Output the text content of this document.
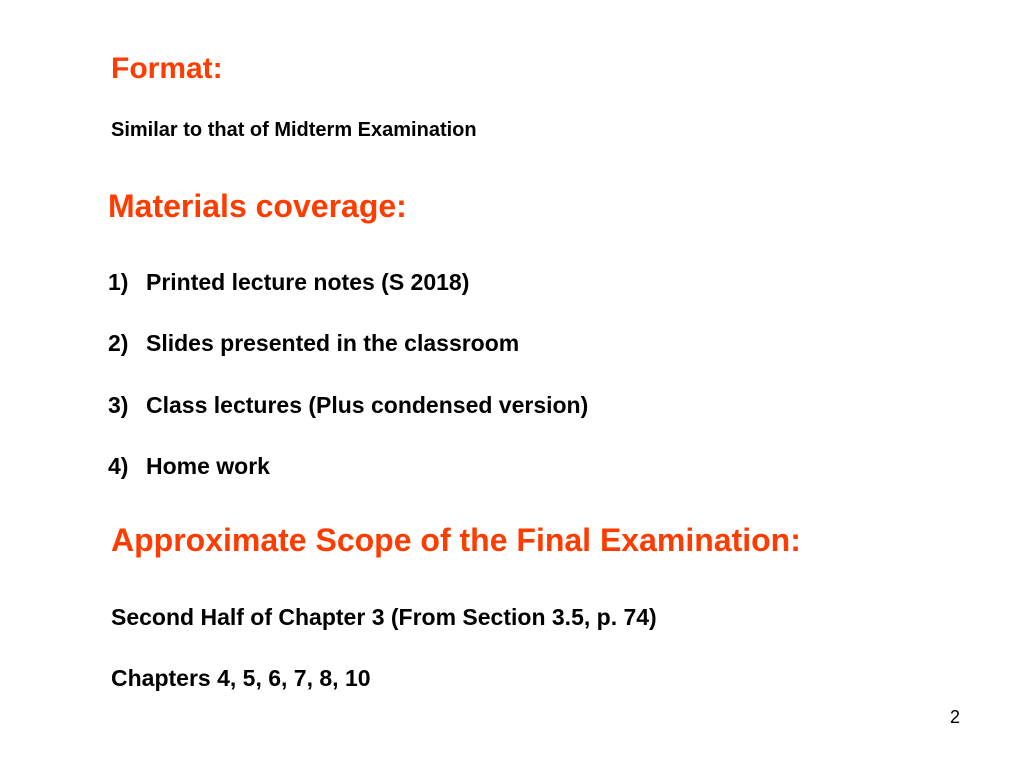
Format:

Similar to that of Midterm Examination

Materials coverage:
1) Printed lecture notes (S 2018)
2) Slides presented in the classroom
3) Class lectures (Plus condensed version)
4) Home work
Approximate Scope of the Final Examination:

Second Half of Chapter 3 (From Section 3.5, p. 74)

Chapters 4, 5, 6, 7, 8, 10

2
